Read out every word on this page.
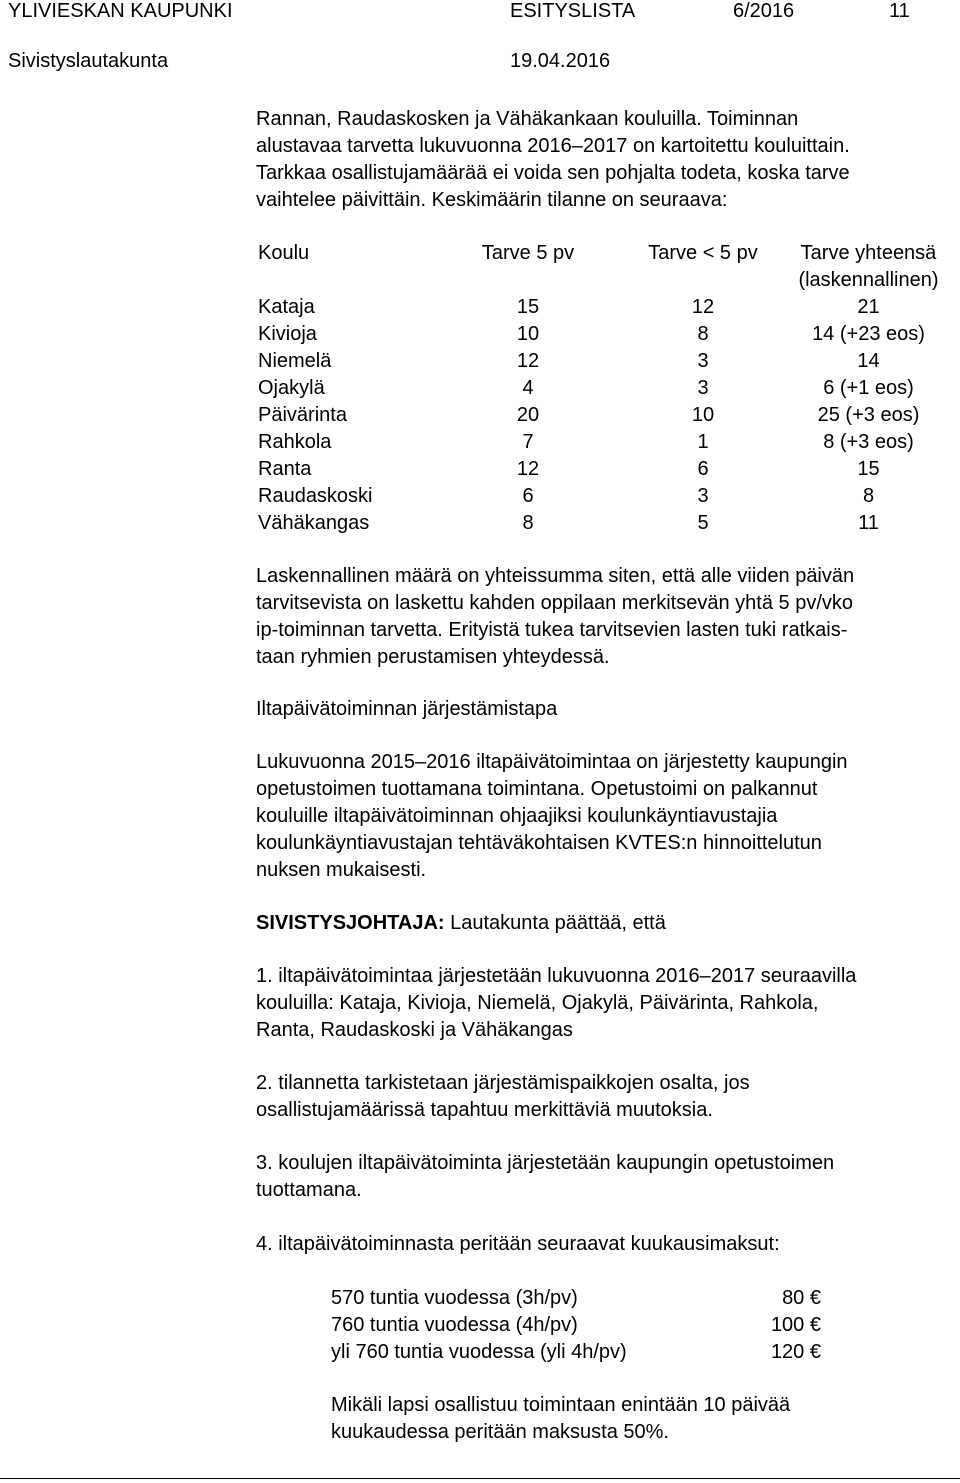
YLIVIESKAN KAUPUNKI	ESITYSLISTA	6/2016	11
Sivistyslautakunta	19.04.2016

Rannan, Raudaskosken ja Vähäkankaan kouluilla. Toiminnan

alustavaa tarvetta lukuvuonna 2016–2017 on kartoitettu kouluittain.

Tarkkaa osallistujamäärää ei voida sen pohjalta todeta, koska tarve

vaihtelee päivittäin. Keskimäärin tilanne on seuraava:

Koulu	Tarve 5 pv	Tarve < 5 pv	Tarve yhteensä
(laskennallinen)
Kataja	15	12	21
Kivioja	10	8	14 (+23 eos)
Niemelä	12	3	14
Ojakylä	4	3	6 (+1 eos)
Päivärinta	20	10	25 (+3 eos)
Rahkola	7	1	8 (+3 eos)
Ranta	12	6	15
Raudaskoski	6	3	8
Vähäkangas	8	5	11
Laskennallinen määrä on yhteissumma siten, että alle viiden päivän
tarvitsevista on laskettu kahden oppilaan merkitsevän yhtä 5 pv/vko
ip-toiminnan tarvetta. Erityistä tukea tarvitsevien lasten tuki ratkais-
taan ryhmien perustamisen yhteydessä.
Iltapäivätoiminnan järjestämistapa
Lukuvuonna 2015–2016 iltapäivätoimintaa on järjestetty kaupungin
opetustoimen tuottamana toimintana. Opetustoimi on palkannut
kouluille iltapäivätoiminnan ohjaajiksi koulunkäyntiavustajia
koulunkäyntiavustajan tehtäväkohtaisen KVTES:n hinnoittelutun
nuksen mukaisesti.
SIVISTYSJOHTAJA: Lautakunta päättää, että
1. iltapäivätoimintaa järjestetään lukuvuonna 2016–2017 seuraavilla
kouluilla: Kataja, Kivioja, Niemelä, Ojakylä, Päivärinta, Rahkola,
Ranta, Raudaskoski ja Vähäkangas
2. tilannetta tarkistetaan järjestämispaikkojen osalta, jos
osallistujamäärissä tapahtuu merkittäviä muutoksia.
3. koulujen iltapäivätoiminta järjestetään kaupungin opetustoimen
tuottamana.
4. iltapäivätoiminnasta peritään seuraavat kuukausimaksut:
570 tuntia vuodessa (3h/pv)	80 €
760 tuntia vuodessa (4h/pv)	100 €
yli 760 tuntia vuodessa (yli 4h/pv)	120 €
Mikäli lapsi osallistuu toimintaan enintään 10 päivää
kuukaudessa peritään maksusta 50%.
